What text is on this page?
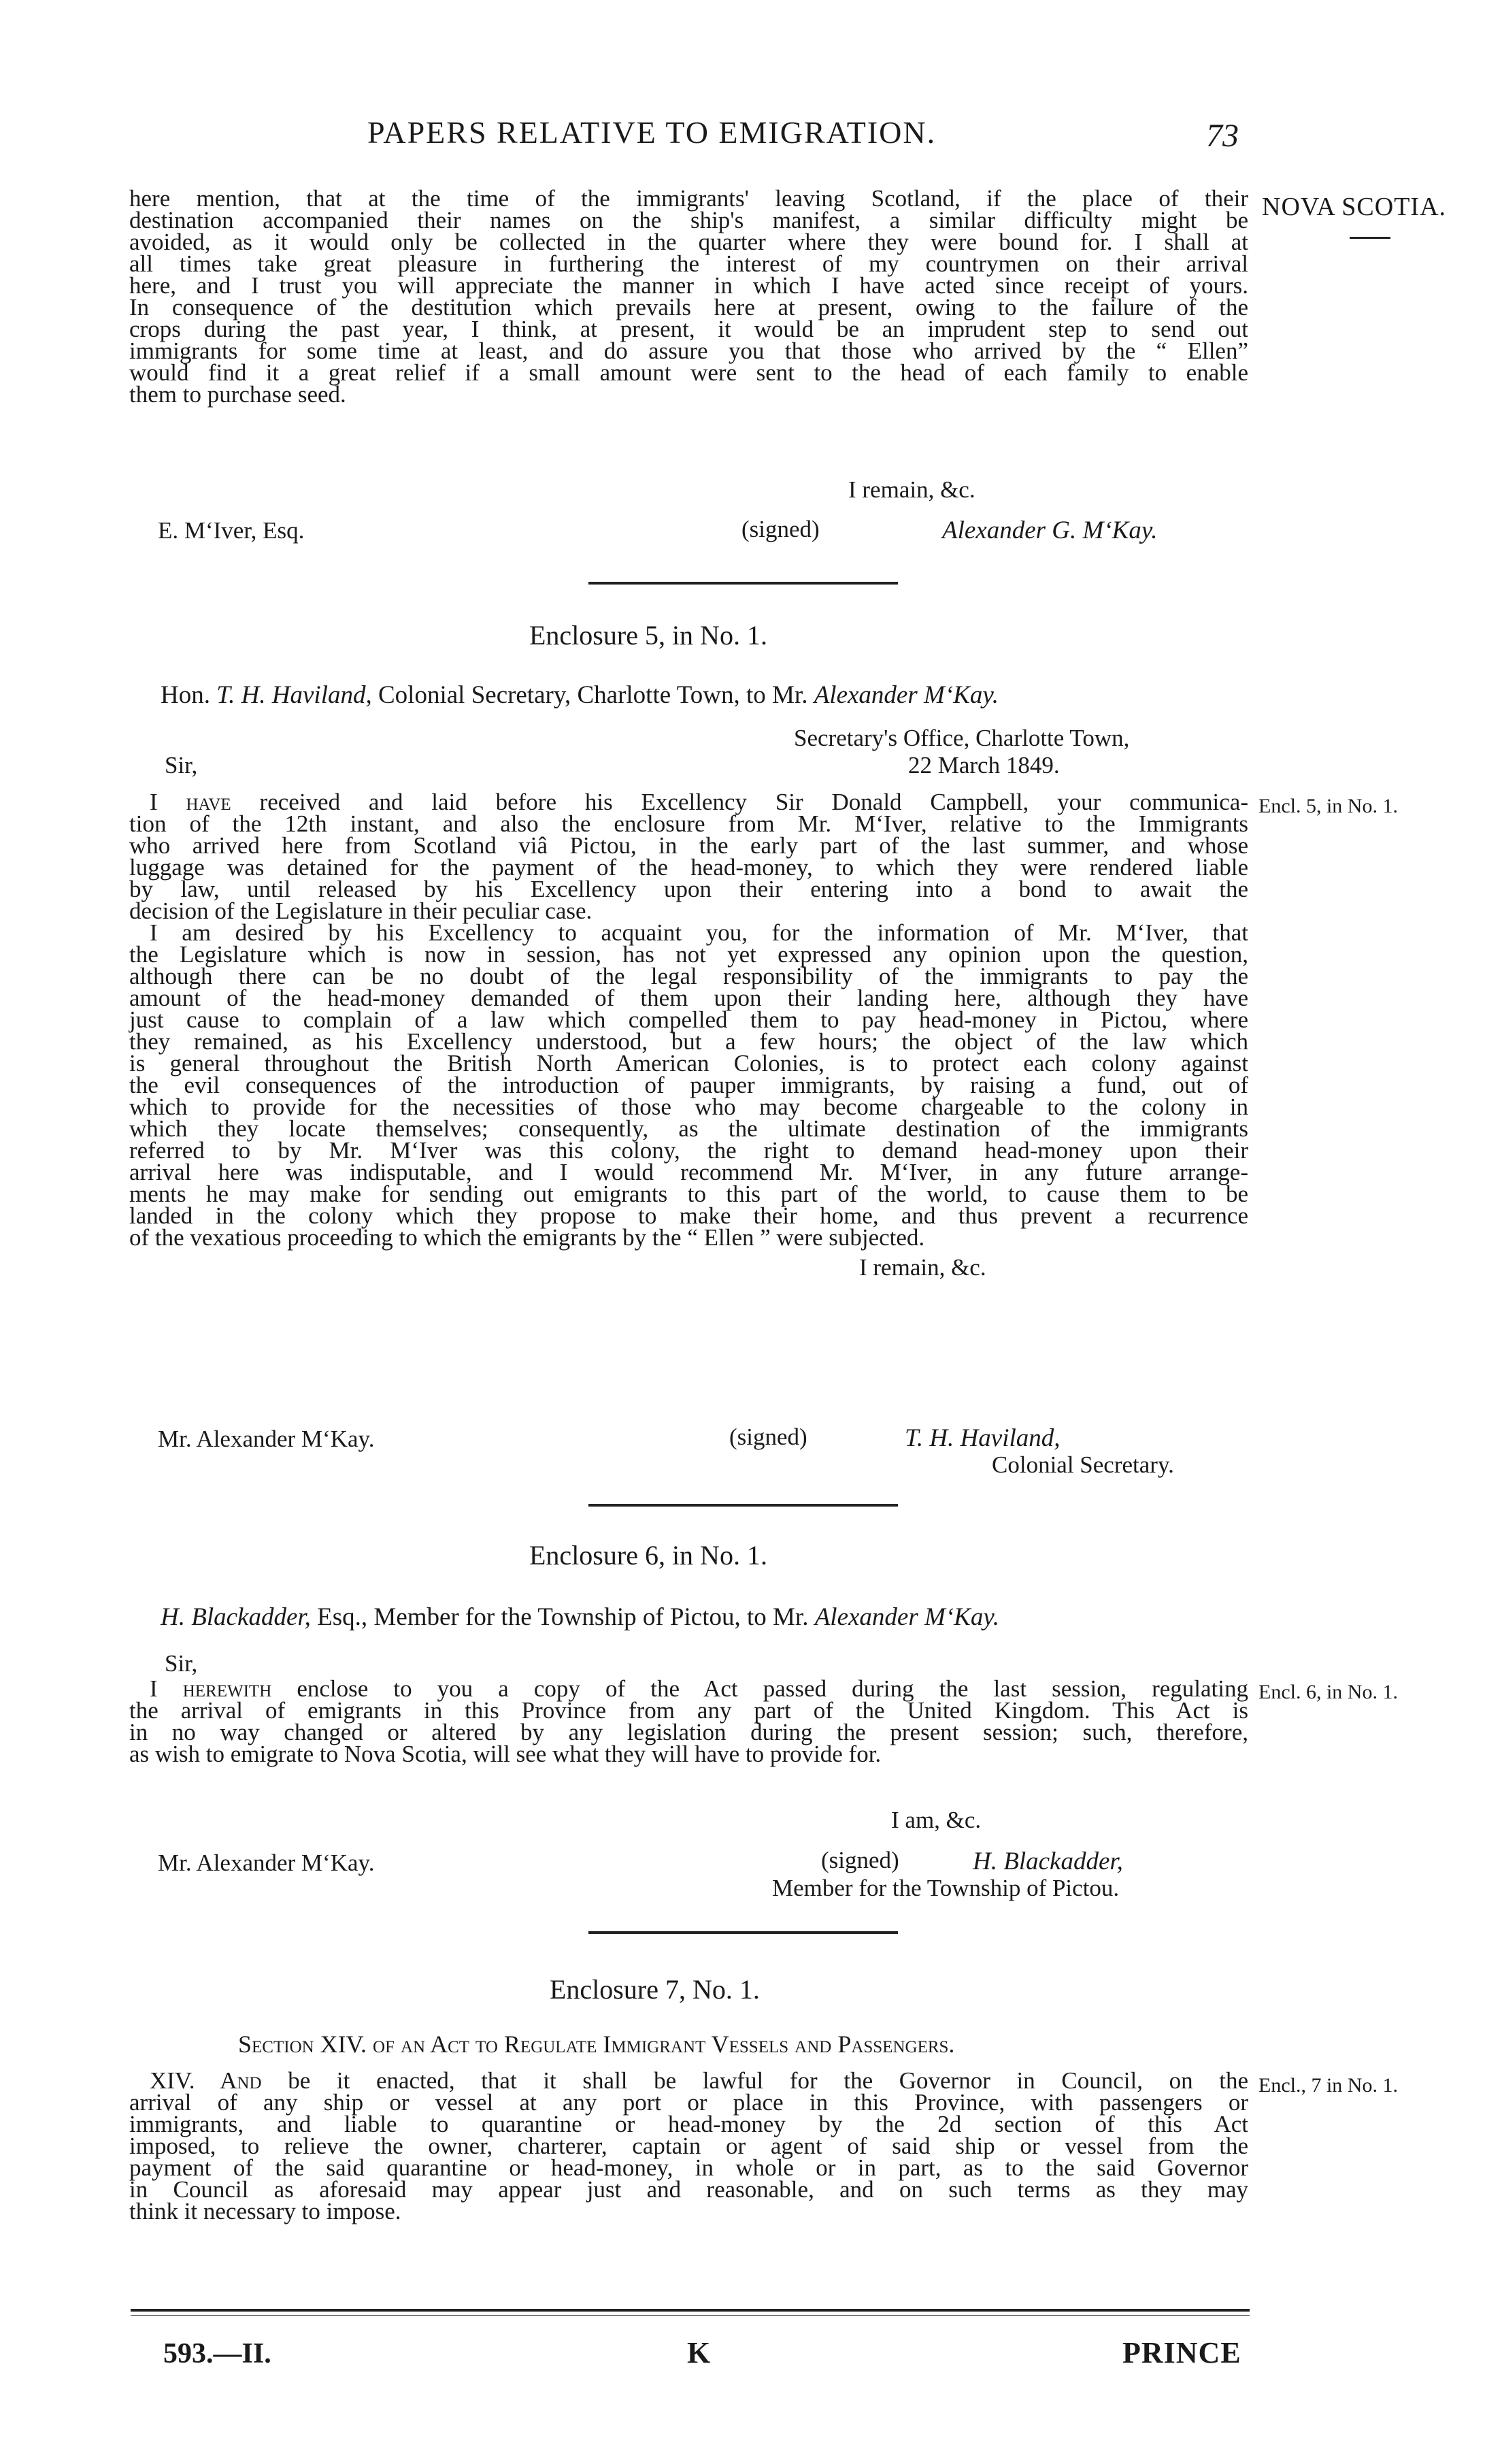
PAPERS RELATIVE TO EMIGRATION.	73
NOVA SCOTIA.
here mention, that at the time of the immigrants' leaving Scotland, if the place of their
destination accompanied their names on the ship's manifest, a similar difficulty might be
avoided, as it would only be collected in the quarter where they were bound for. I shall at
all times take great pleasure in furthering the interest of my countrymen on their arrival
here, and I trust you will appreciate the manner in which I have acted since receipt of yours.
In consequence of the destitution which prevails here at present, owing to the failure of the
crops during the past year, I think, at present, it would be an imprudent step to send out
immigrants for some time at least, and do assure you that those who arrived by the “ Ellen”
would find it a great relief if a small amount were sent to the head of each family to enable
them to purchase seed.
I remain, &c.
E. M‘Iver, Esq.	(signed)	Alexander G. M‘Kay.
Enclosure 5, in No. 1.
Hon. T. H. Haviland, Colonial Secretary, Charlotte Town, to Mr. Alexander M‘Kay.
Secretary's Office, Charlotte Town,
Sir,	22 March 1849.
Encl. 5, in No. 1.
I have received and laid before his Excellency Sir Donald Campbell, your communica-
tion of the 12th instant, and also the enclosure from Mr. M‘Iver, relative to the Immigrants
who arrived here from Scotland viâ Pictou, in the early part of the last summer, and whose
luggage was detained for the payment of the head-money, to which they were rendered liable
by law, until released by his Excellency upon their entering into a bond to await the
decision of the Legislature in their peculiar case.
I am desired by his Excellency to acquaint you, for the information of Mr. M‘Iver, that
the Legislature which is now in session, has not yet expressed any opinion upon the question,
although there can be no doubt of the legal responsibility of the immigrants to pay the
amount of the head-money demanded of them upon their landing here, although they have
just cause to complain of a law which compelled them to pay head-money in Pictou, where
they remained, as his Excellency understood, but a few hours; the object of the law which
is general throughout the British North American Colonies, is to protect each colony against
the evil consequences of the introduction of pauper immigrants, by raising a fund, out of
which to provide for the necessities of those who may become chargeable to the colony in
which they locate themselves; consequently, as the ultimate destination of the immigrants
referred to by Mr. M‘Iver was this colony, the right to demand head-money upon their
arrival here was indisputable, and I would recommend Mr. M‘Iver, in any future arrange-
ments he may make for sending out emigrants to this part of the world, to cause them to be
landed in the colony which they propose to make their home, and thus prevent a recurrence
of the vexatious proceeding to which the emigrants by the “ Ellen ” were subjected.
I remain, &c.
Mr. Alexander M‘Kay.	(signed)	T. H. Haviland,
Colonial Secretary.
Enclosure 6, in No. 1.
H. Blackadder, Esq., Member for the Township of Pictou, to Mr. Alexander M‘Kay.
Sir,
Encl. 6, in No. 1.
I herewith enclose to you a copy of the Act passed during the last session, regulating
the arrival of emigrants in this Province from any part of the United Kingdom. This Act is
in no way changed or altered by any legislation during the present session; such, therefore,
as wish to emigrate to Nova Scotia, will see what they will have to provide for.
I am, &c.
Mr. Alexander M‘Kay.	(signed)	H. Blackadder,
Member for the Township of Pictou.
Enclosure 7, No. 1.
Section XIV. of an Act to Regulate Immigrant Vessels and Passengers.
Encl., 7 in No. 1.
XIV. And be it enacted, that it shall be lawful for the Governor in Council, on the
arrival of any ship or vessel at any port or place in this Province, with passengers or
immigrants, and liable to quarantine or head-money by the 2d section of this Act
imposed, to relieve the owner, charterer, captain or agent of said ship or vessel from the
payment of the said quarantine or head-money, in whole or in part, as to the said Governor
in Council as aforesaid may appear just and reasonable, and on such terms as they may
think it necessary to impose.
593.—II.	K	PRINCE
